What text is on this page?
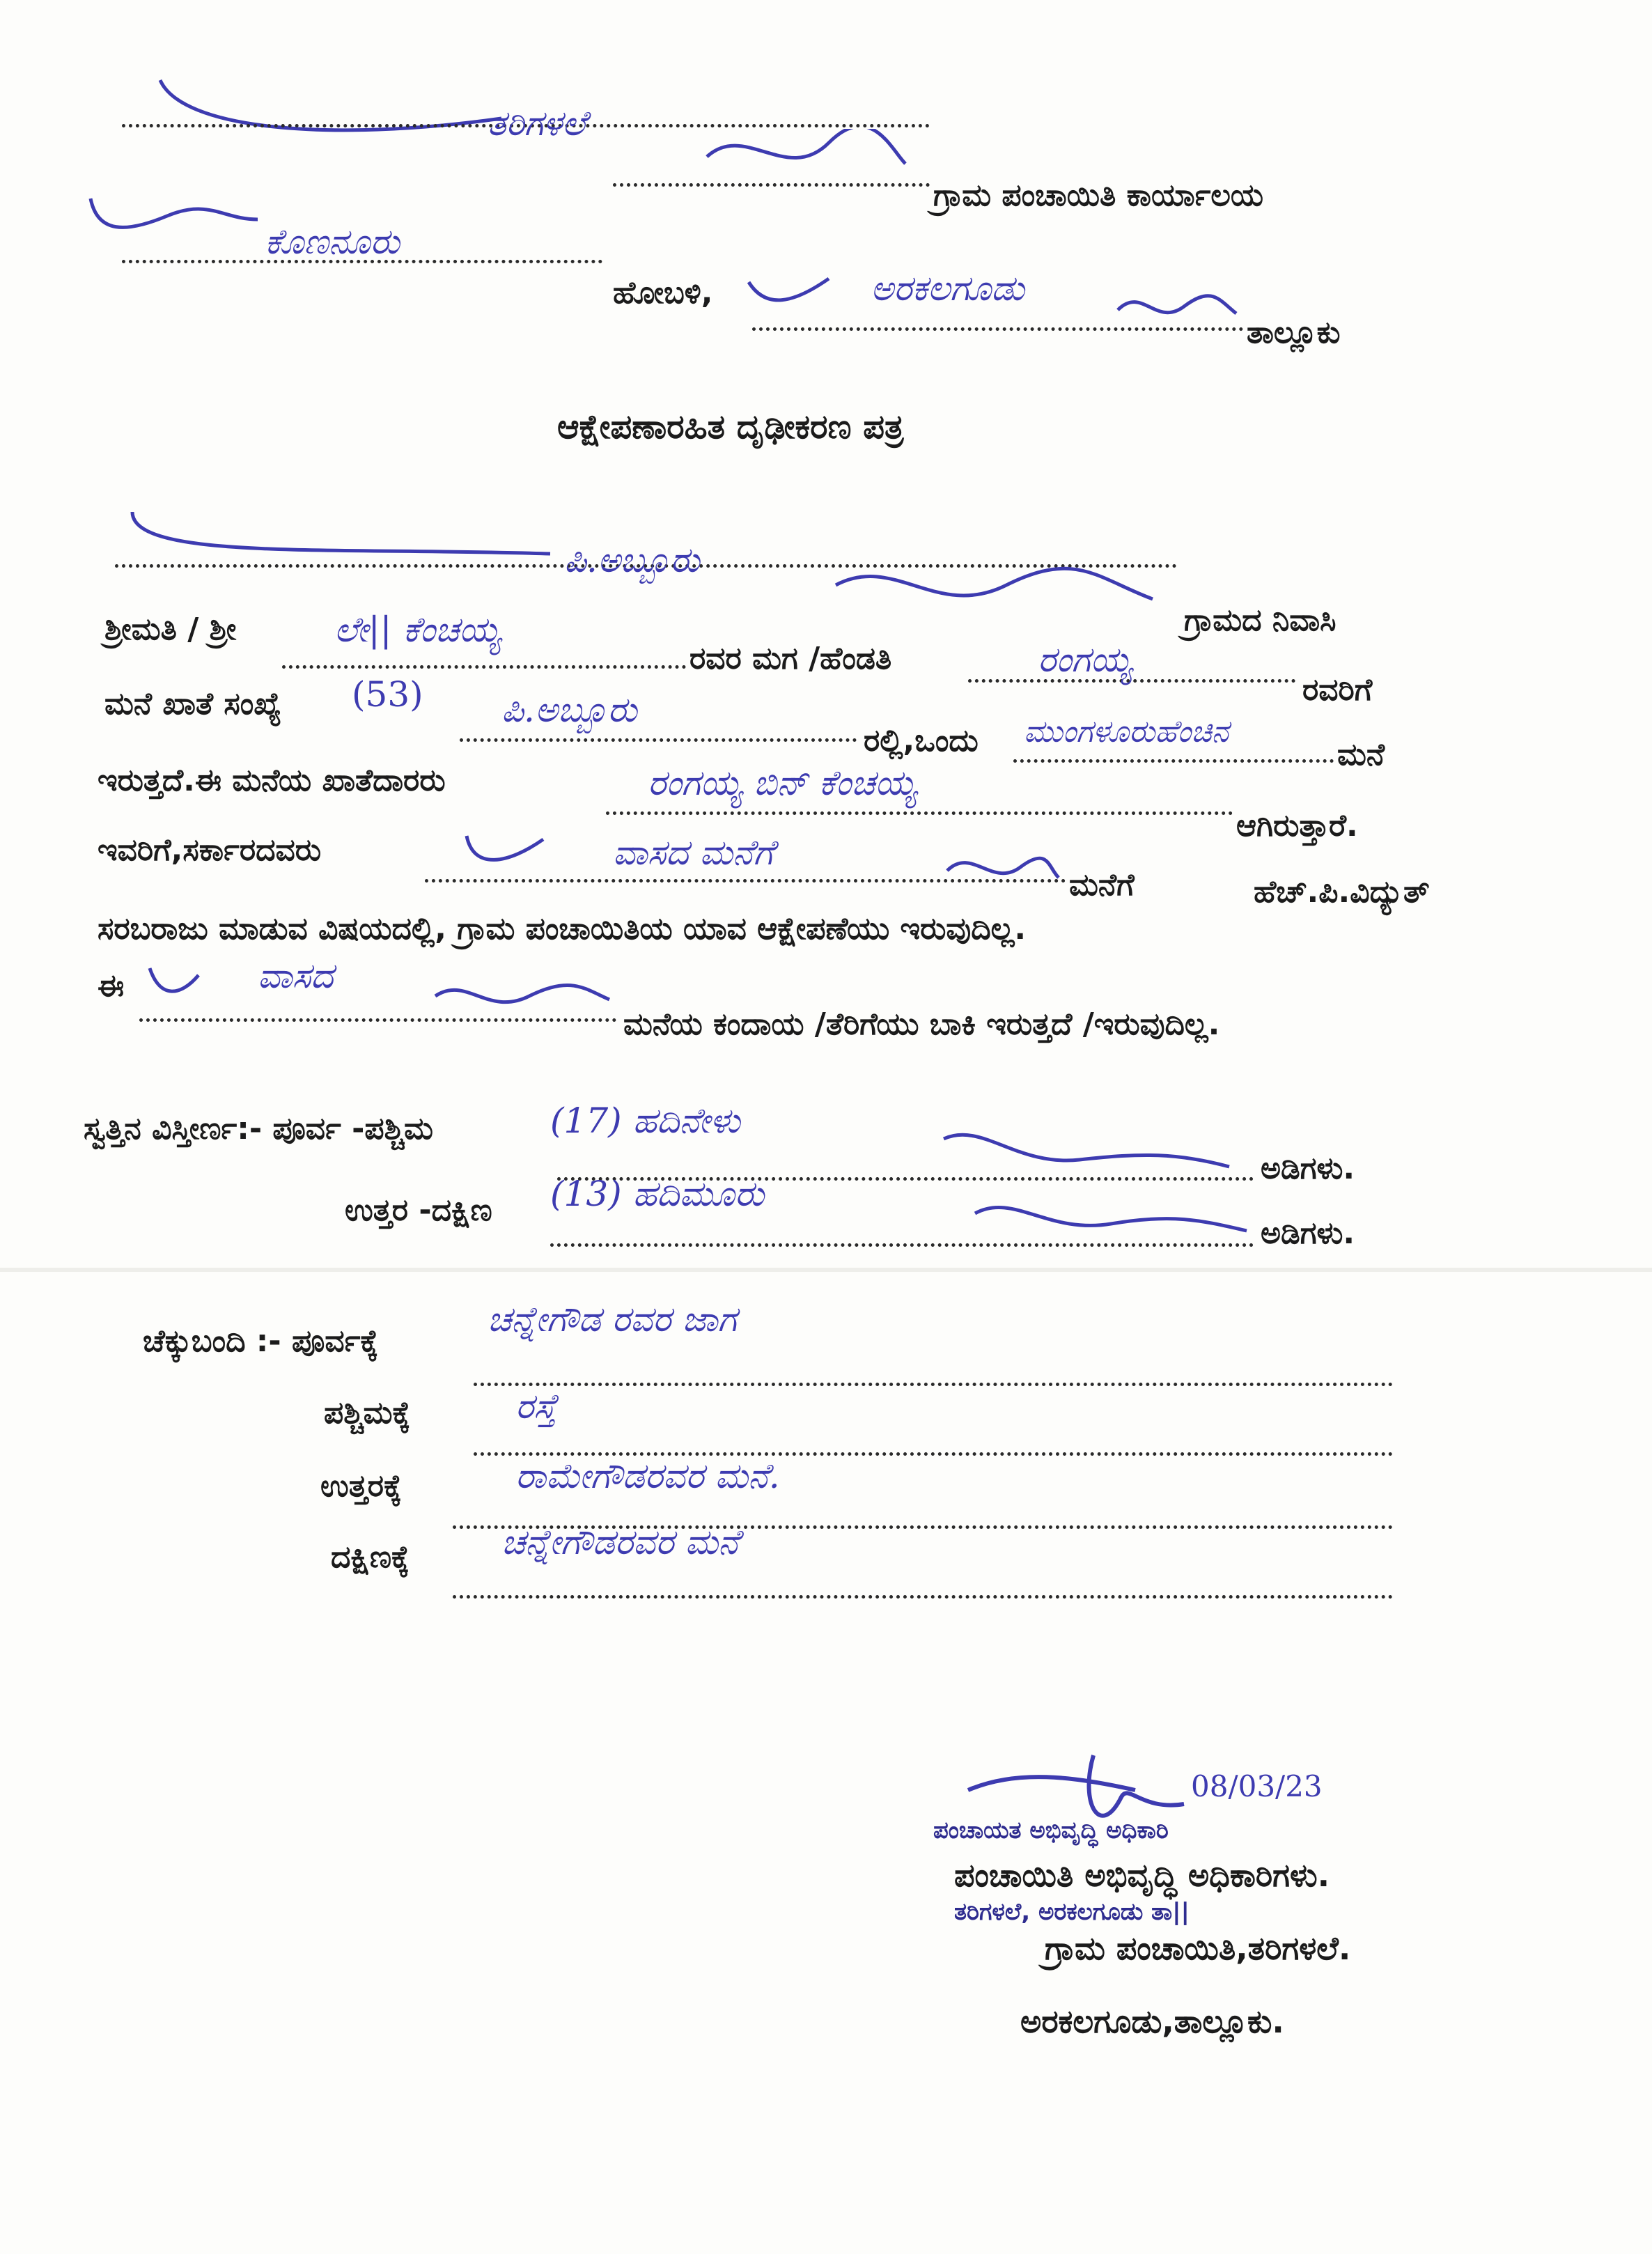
ತರಿಗಳಲೆ
ಗ್ರಾಮ ಪಂಚಾಯಿತಿ ಕಾರ್ಯಾಲಯ
ಕೊಣನೂರು
ಹೋಬಳಿ,	ಅರಕಲಗೂಡು
ತಾಲ್ಲೂಕು
ಆಕ್ಷೇಪಣಾರಹಿತ ದೃಢೀಕರಣ ಪತ್ರ
ಪಿ.ಅಬ್ಬೂರು
ಗ್ರಾಮದ ನಿವಾಸಿ
ಶ್ರೀಮತಿ / ಶ್ರೀ	ಲೇ|| ಕೆಂಚಯ್ಯ
ರವರ ಮಗ /ಹೆಂಡತಿ	ರಂಗಯ್ಯ
ರವರಿಗೆ
ಮನೆ ಖಾತೆ ಸಂಖ್ಯೆ (53) ಪಿ.ಅಬ್ಬೂರು
ರಲ್ಲಿ,ಒಂದು ಮುಂಗಳೂರುಹೆಂಚಿನ
ಮನೆ
ಇರುತ್ತದೆ.ಈ ಮನೆಯ ಖಾತೆದಾರರು	ರಂಗಯ್ಯ ಬಿನ್ ಕೆಂಚಯ್ಯ
ಆಗಿರುತ್ತಾರೆ.
ಇವರಿಗೆ,ಸರ್ಕಾರದವರು	ವಾಸದ ಮನೆಗೆ
ಮನೆಗೆ	ಹೆಚ್.ಪಿ.ವಿದ್ಯುತ್
ಸರಬರಾಜು ಮಾಡುವ ವಿಷಯದಲ್ಲಿ, ಗ್ರಾಮ ಪಂಚಾಯಿತಿಯ ಯಾವ ಆಕ್ಷೇಪಣೆಯು ಇರುವುದಿಲ್ಲ.
ಈ	ವಾಸದ
ಮನೆಯ ಕಂದಾಯ /ತೆರಿಗೆಯು ಬಾಕಿ ಇರುತ್ತದೆ /ಇರುವುದಿಲ್ಲ.
ಸ್ವತ್ತಿನ ವಿಸ್ತೀರ್ಣ:- ಪೂರ್ವ -ಪಶ್ಚಿಮ	(17) ಹದಿನೇಳು
ಅಡಿಗಳು.
ಉತ್ತರ -ದಕ್ಷಿಣ (13) ಹದಿಮೂರು
ಅಡಿಗಳು.
ಚೆಕ್ಕುಬಂದಿ :- ಪೂರ್ವಕ್ಕೆ
ಚನ್ನೇಗೌಡ ರವರ ಜಾಗ
ಪಶ್ಚಿಮಕ್ಕೆ	ರಸ್ತೆ
ಉತ್ತರಕ್ಕೆ	ರಾಮೇಗೌಡರವರ ಮನೆ.
ದಕ್ಷಿಣಕ್ಕೆ	ಚನ್ನೇಗೌಡರವರ ಮನೆ
08/03/23
ಪಂಚಾಯತ ಅಭಿವೃದ್ಧಿ ಅಧಿಕಾರಿ
ಪಂಚಾಯಿತಿ ಅಭಿವೃದ್ಧಿ ಅಧಿಕಾರಿಗಳು.
ತರಿಗಳಲೆ, ಅರಕಲಗೂಡು ತಾ||
ಗ್ರಾಮ ಪಂಚಾಯಿತಿ,ತರಿಗಳಲೆ.
ಅರಕಲಗೂಡು,ತಾಲ್ಲೂಕು.
